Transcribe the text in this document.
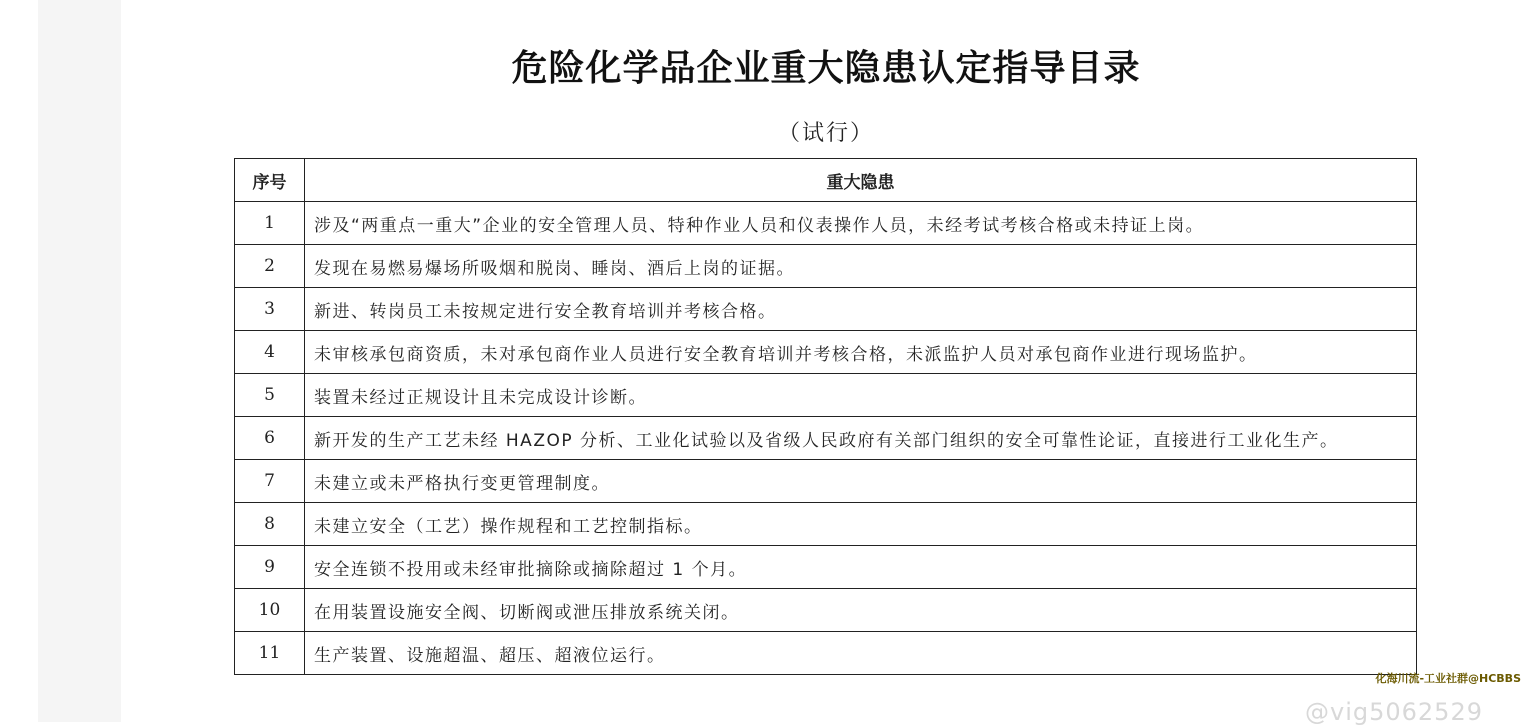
危险化学品企业重大隐患认定指导目录
（试行）
序号	重大隐患
1	涉及“两重点一重大”企业的安全管理人员、特种作业人员和仪表操作人员，未经考试考核合格或未持证上岗。
2	发现在易燃易爆场所吸烟和脱岗、睡岗、酒后上岗的证据。
3	新进、转岗员工未按规定进行安全教育培训并考核合格。
4	未审核承包商资质，未对承包商作业人员进行安全教育培训并考核合格，未派监护人员对承包商作业进行现场监护。
5	装置未经过正规设计且未完成设计诊断。
6	新开发的生产工艺未经 HAZOP 分析、工业化试验以及省级人民政府有关部门组织的安全可靠性论证，直接进行工业化生产。
7	未建立或未严格执行变更管理制度。
8	未建立安全（工艺）操作规程和工艺控制指标。
9	安全连锁不投用或未经审批摘除或摘除超过 1 个月。
10	在用装置设施安全阀、切断阀或泄压排放系统关闭。
11	生产装置、设施超温、超压、超液位运行。
化海川流-工业社群@HCBBS
@vig5062529
